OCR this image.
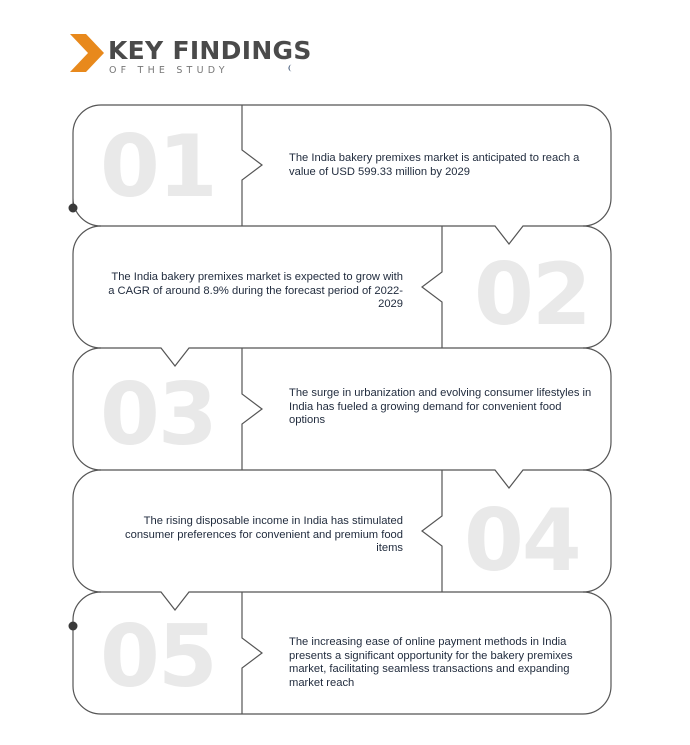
KEY FINDINGS
OF THE STUDY
01	The India bakery premixes market is anticipated to reach a value of USD 599.33 million by 2029
02
The India bakery premixes market is expected to grow with a CAGR of around 8.9% during the forecast period of 2022-2029
03	The surge in urbanization and evolving consumer lifestyles in India has fueled a growing demand for convenient food options
04
The rising disposable income in India has stimulated consumer preferences for convenient and premium food items
05	The increasing ease of online payment methods in India presents a significant opportunity for the bakery premixes market, facilitating seamless transactions and expanding market reach
